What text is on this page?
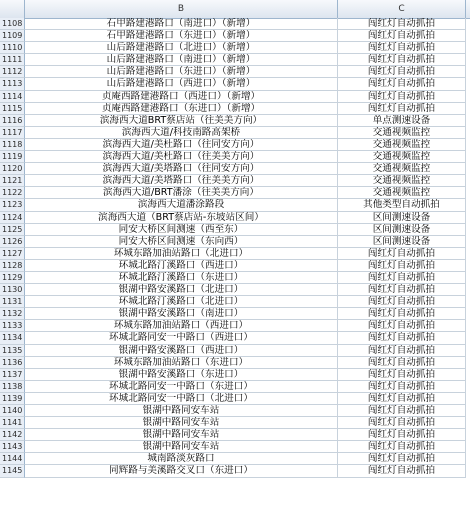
B	C
1108	石甲路建港路口（南进口）（新增）	闯红灯自动抓拍
1109	石甲路建港路口（东进口）（新增）	闯红灯自动抓拍
1110	山后路建港路口（北进口）（新增）	闯红灯自动抓拍
1111	山后路建港路口（南进口）（新增）	闯红灯自动抓拍
1112	山后路建港路口（东进口）（新增）	闯红灯自动抓拍
1113	山后路建港路口（西进口）（新增）	闯红灯自动抓拍
1114	贞庵西路建港路口（西进口）（新增）	闯红灯自动抓拍
1115	贞庵西路建港路口（东进口）（新增）	闯红灯自动抓拍
1116	滨海西大道BRT蔡店站（往美美方向）	单点测速设备
1117	滨海西大道/科技南路高架桥	交通视频监控
1118	滨海西大道/美杜路口（往同安方向）	交通视频监控
1119	滨海西大道/美杜路口（往美美方向）	交通视频监控
1120	滨海西大道/美塔路口（往同安方向）	交通视频监控
1121	滨海西大道/美塔路口（往美美方向）	交通视频监控
1122	滨海西大道/BRT潘涂（往美美方向）	交通视频监控
1123	滨海西大道潘涂路段	其他类型自动抓拍
1124	滨海西大道（BRT蔡店站-东坡站区间）	区间测速设备
1125	同安大桥区间测速（西至东）	区间测速设备
1126	同安大桥区间测速（东向西）	区间测速设备
1127	环城东路加油站路口（北进口）	闯红灯自动抓拍
1128	环城北路汀溪路口（西进口）	闯红灯自动抓拍
1129	环城北路汀溪路口（东进口）	闯红灯自动抓拍
1130	银湖中路安溪路口（北进口）	闯红灯自动抓拍
1131	环城北路汀溪路口（北进口）	闯红灯自动抓拍
1132	银湖中路安溪路口（南进口）	闯红灯自动抓拍
1133	环城东路加油站路口（西进口）	闯红灯自动抓拍
1134	环城北路同安一中路口（西进口）	闯红灯自动抓拍
1135	银湖中路安溪路口（西进口）	闯红灯自动抓拍
1136	环城东路加油站路口（东进口）	闯红灯自动抓拍
1137	银湖中路安溪路口（东进口）	闯红灯自动抓拍
1138	环城北路同安一中路口（东进口）	闯红灯自动抓拍
1139	环城北路同安一中路口（北进口）	闯红灯自动抓拍
1140	银湖中路同安车站	闯红灯自动抓拍
1141	银湖中路同安车站	闯红灯自动抓拍
1142	银湖中路同安车站	闯红灯自动抓拍
1143	银湖中路同安车站	闯红灯自动抓拍
1144	城南路淡灰路口	闯红灯自动抓拍
1145	同辉路与美溪路交叉口（东进口）	闯红灯自动抓拍
